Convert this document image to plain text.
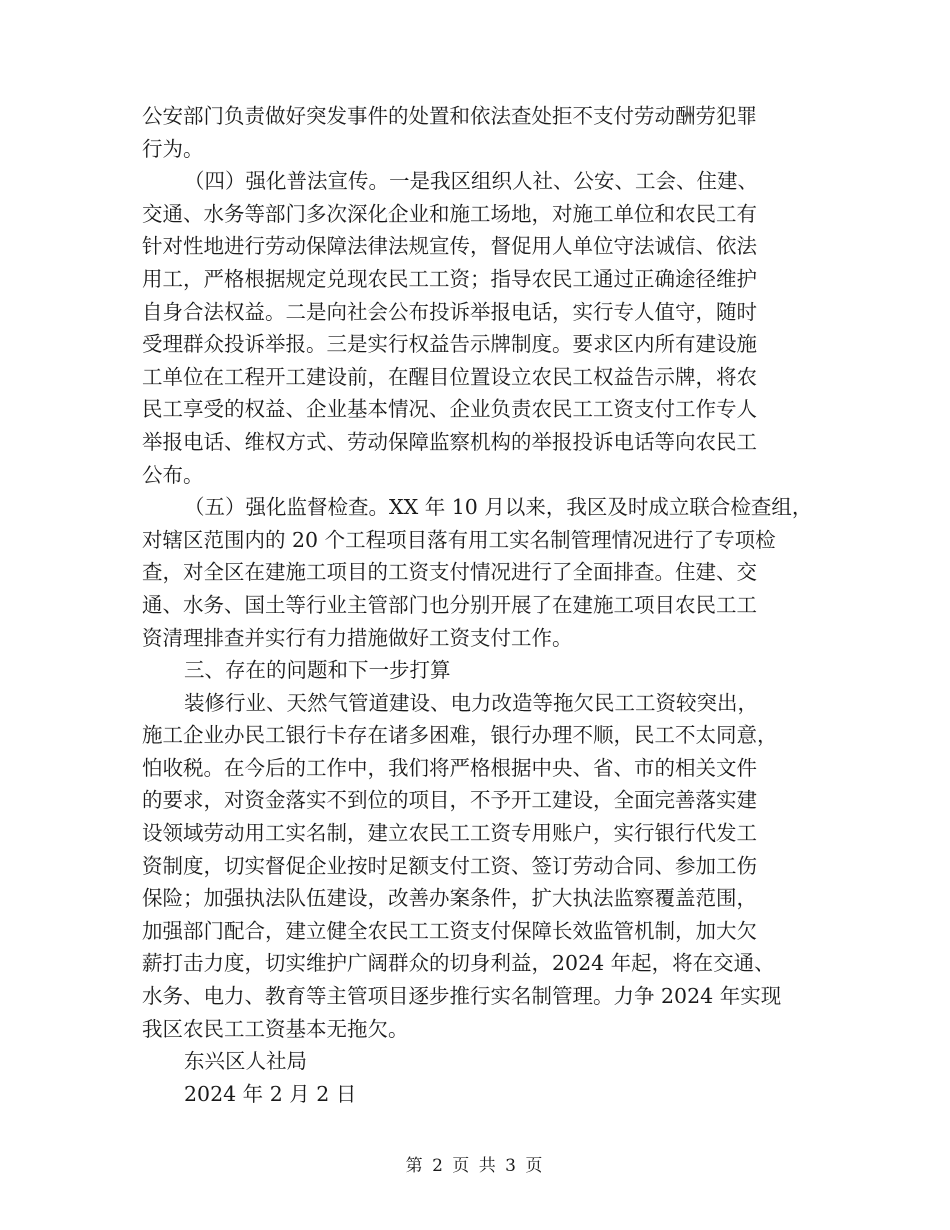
公安部门负责做好突发事件的处置和依法查处拒不支付劳动酬劳犯罪
行为。
（四）强化普法宣传。一是我区组织人社、公安、工会、住建、
交通、水务等部门多次深化企业和施工场地，对施工单位和农民工有
针对性地进行劳动保障法律法规宣传，督促用人单位守法诚信、依法
用工，严格根据规定兑现农民工工资；指导农民工通过正确途径维护
自身合法权益。二是向社会公布投诉举报电话，实行专人值守，随时
受理群众投诉举报。三是实行权益告示牌制度。要求区内所有建设施
工单位在工程开工建设前，在醒目位置设立农民工权益告示牌，将农
民工享受的权益、企业基本情况、企业负责农民工工资支付工作专人
举报电话、维权方式、劳动保障监察机构的举报投诉电话等向农民工
公布。
（五）强化监督检查。XX 年 10 月以来，我区及时成立联合检查组，
对辖区范围内的 20 个工程项目落有用工实名制管理情况进行了专项检
查，对全区在建施工项目的工资支付情况进行了全面排查。住建、交
通、水务、国土等行业主管部门也分别开展了在建施工项目农民工工
资清理排查并实行有力措施做好工资支付工作。
三、存在的问题和下一步打算
装修行业、天然气管道建设、电力改造等拖欠民工工资较突出，
施工企业办民工银行卡存在诸多困难，银行办理不顺，民工不太同意，
怕收税。在今后的工作中，我们将严格根据中央、省、市的相关文件
的要求，对资金落实不到位的项目，不予开工建设，全面完善落实建
设领域劳动用工实名制，建立农民工工资专用账户，实行银行代发工
资制度，切实督促企业按时足额支付工资、签订劳动合同、参加工伤
保险；加强执法队伍建设，改善办案条件，扩大执法监察覆盖范围，
加强部门配合，建立健全农民工工资支付保障长效监管机制，加大欠
薪打击力度，切实维护广阔群众的切身利益，2024 年起，将在交通、
水务、电力、教育等主管项目逐步推行实名制管理。力争 2024 年实现
我区农民工工资基本无拖欠。
东兴区人社局
2024 年 2 月 2 日
第 2 页 共 3 页
